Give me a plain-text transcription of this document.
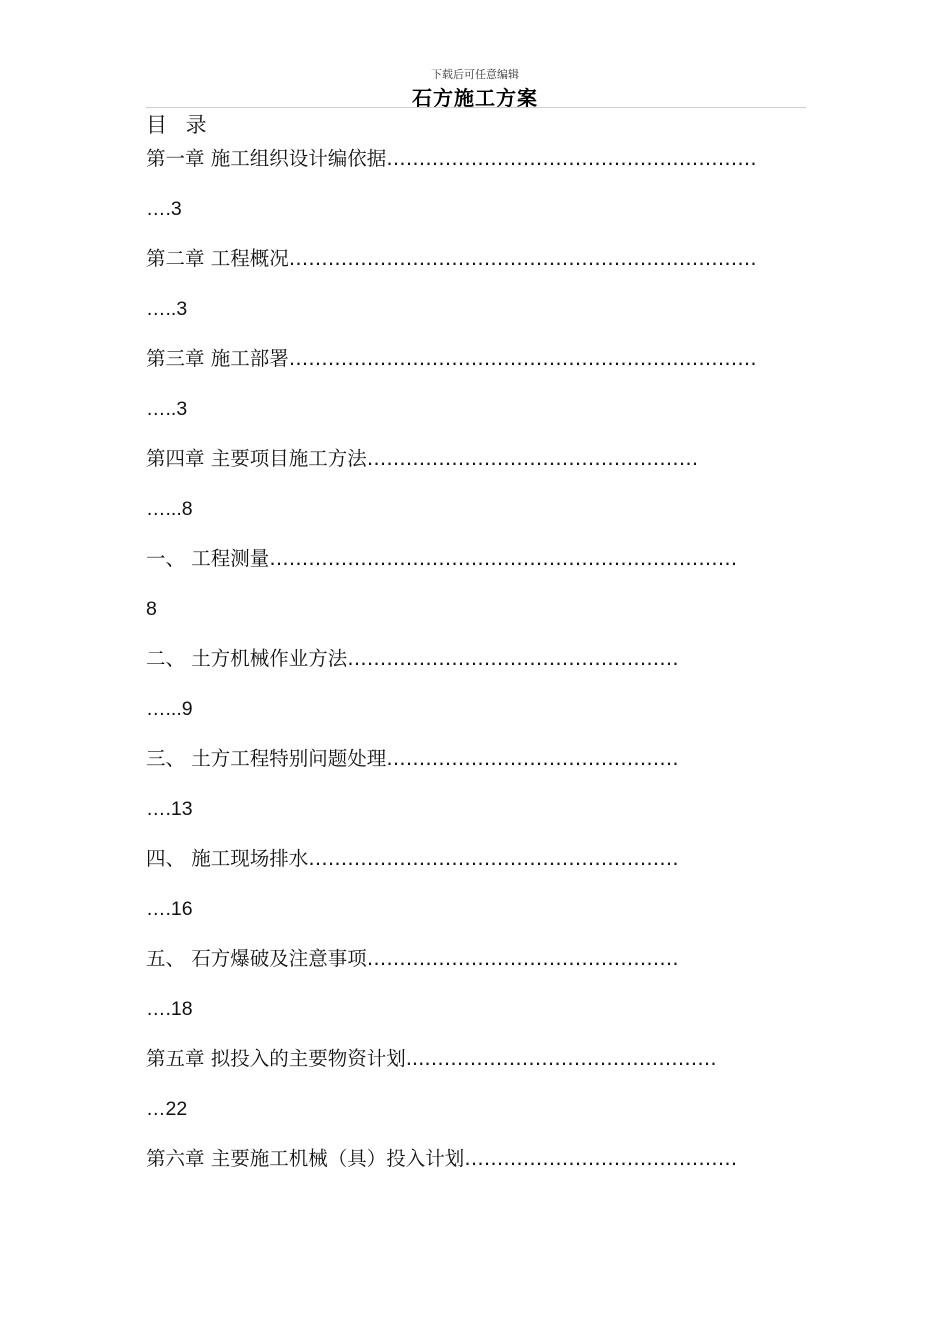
下载后可任意编辑
石方施工方案
目 录
第一章 施工组织设计编依据…………………………………………………
….3
第二章 工程概况………………………………………………………………
…..3
第三章 施工部署………………………………………………………………
…..3
第四章 主要项目施工方法……………………………………………
…...8
一、 工程测量………………………………………………………………
8
二、 土方机械作业方法……………………………………………
…...9
三、 土方工程特别问题处理………………………………………
….13
四、 施工现场排水…………………………………………………
….16
五、 石方爆破及注意事项…………………………………………
….18
第五章 拟投入的主要物资计划...………………………………………
…22
第六章 主要施工机械（具）投入计划……………………………………
